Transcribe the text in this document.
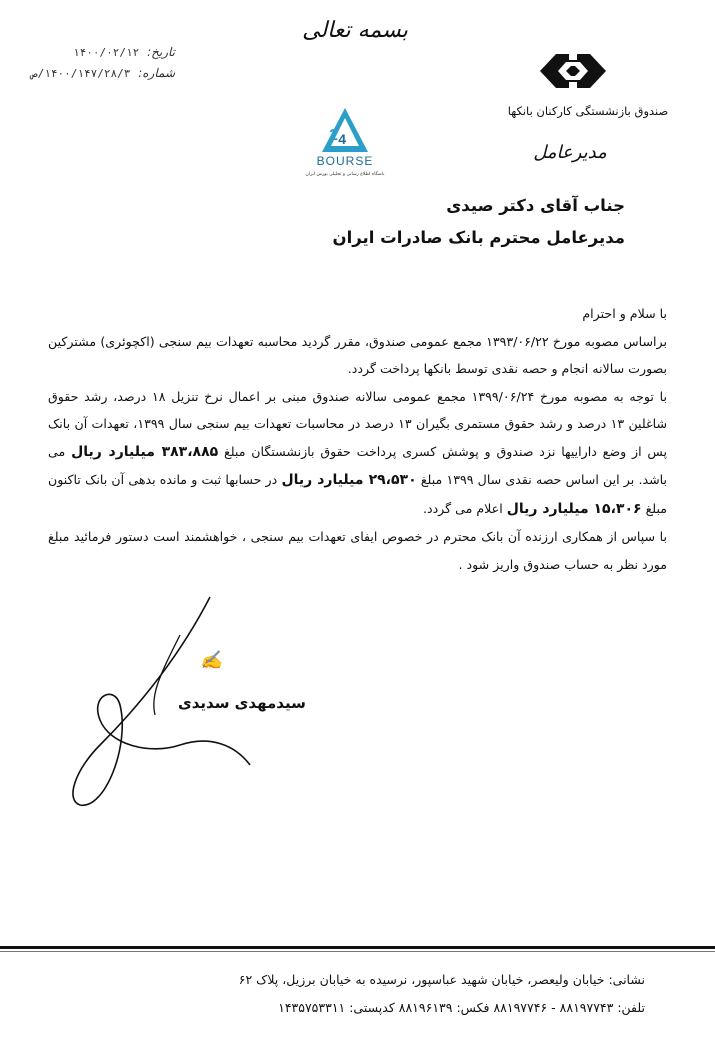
بسمه تعالی
تاریخ: ۱۴۰۰/۰۲/۱۲
شماره: ۱۴۰۰/۱۴۷/۲۸/۳/ص
صندوق بازنشستگی کارکنان بانکها
مدیرعامل
2 4
BOURSE
باشگاه اطلاع رسانی و تحلیلی بورس ایران
جناب آقای دکتر صیدی
مدیرعامل محترم بانک صادرات ایران

با سلام و احترام

براساس مصوبه مورخ ۱۳۹۳/۰۶/۲۲ مجمع عمومی صندوق، مقرر گردید محاسبه تعهدات بیم سنجی (اکچوئری) مشترکین بصورت سالانه انجام و حصه نقدی توسط بانکها پرداخت گردد.

با توجه به مصوبه مورخ ۱۳۹۹/۰۶/۲۴ مجمع عمومی سالانه صندوق مبنی بر اعمال نرخ تنزیل ۱۸ درصد، رشد حقوق شاغلین ۱۳ درصد و رشد حقوق مستمری بگیران ۱۳ درصد در محاسبات تعهدات بیم سنجی سال ۱۳۹۹، تعهدات آن بانک پس از وضع داراییها نزد صندوق و پوشش کسری پرداخت حقوق بازنشستگان مبلغ ۳۸۳،۸۸۵ میلیارد ریال می باشد. بر این اساس حصه نقدی سال ۱۳۹۹ مبلغ ۲۹،۵۳۰ میلیارد ریال در حسابها ثبت و مانده بدهی آن بانک تاکنون مبلغ ۱۵،۳۰۶ میلیارد ریال اعلام می گردد.

با سپاس از همکاری ارزنده آن بانک محترم در خصوص ایفای تعهدات بیم سنجی ، خواهشمند است دستور فرمائید مبلغ مورد نظر به حساب صندوق واریز شود .

✍
سیدمهدی سدیدی
نشانی: خیابان ولیعصر، خیابان شهید عباسپور، نرسیده به خیابان برزیل، پلاک ۶۲
تلفن: ۸۸۱۹۷۷۴۳ - ۸۸۱۹۷۷۴۶ فکس: ۸۸۱۹۶۱۳۹ کدپستی: ۱۴۳۵۷۵۳۳۱۱
